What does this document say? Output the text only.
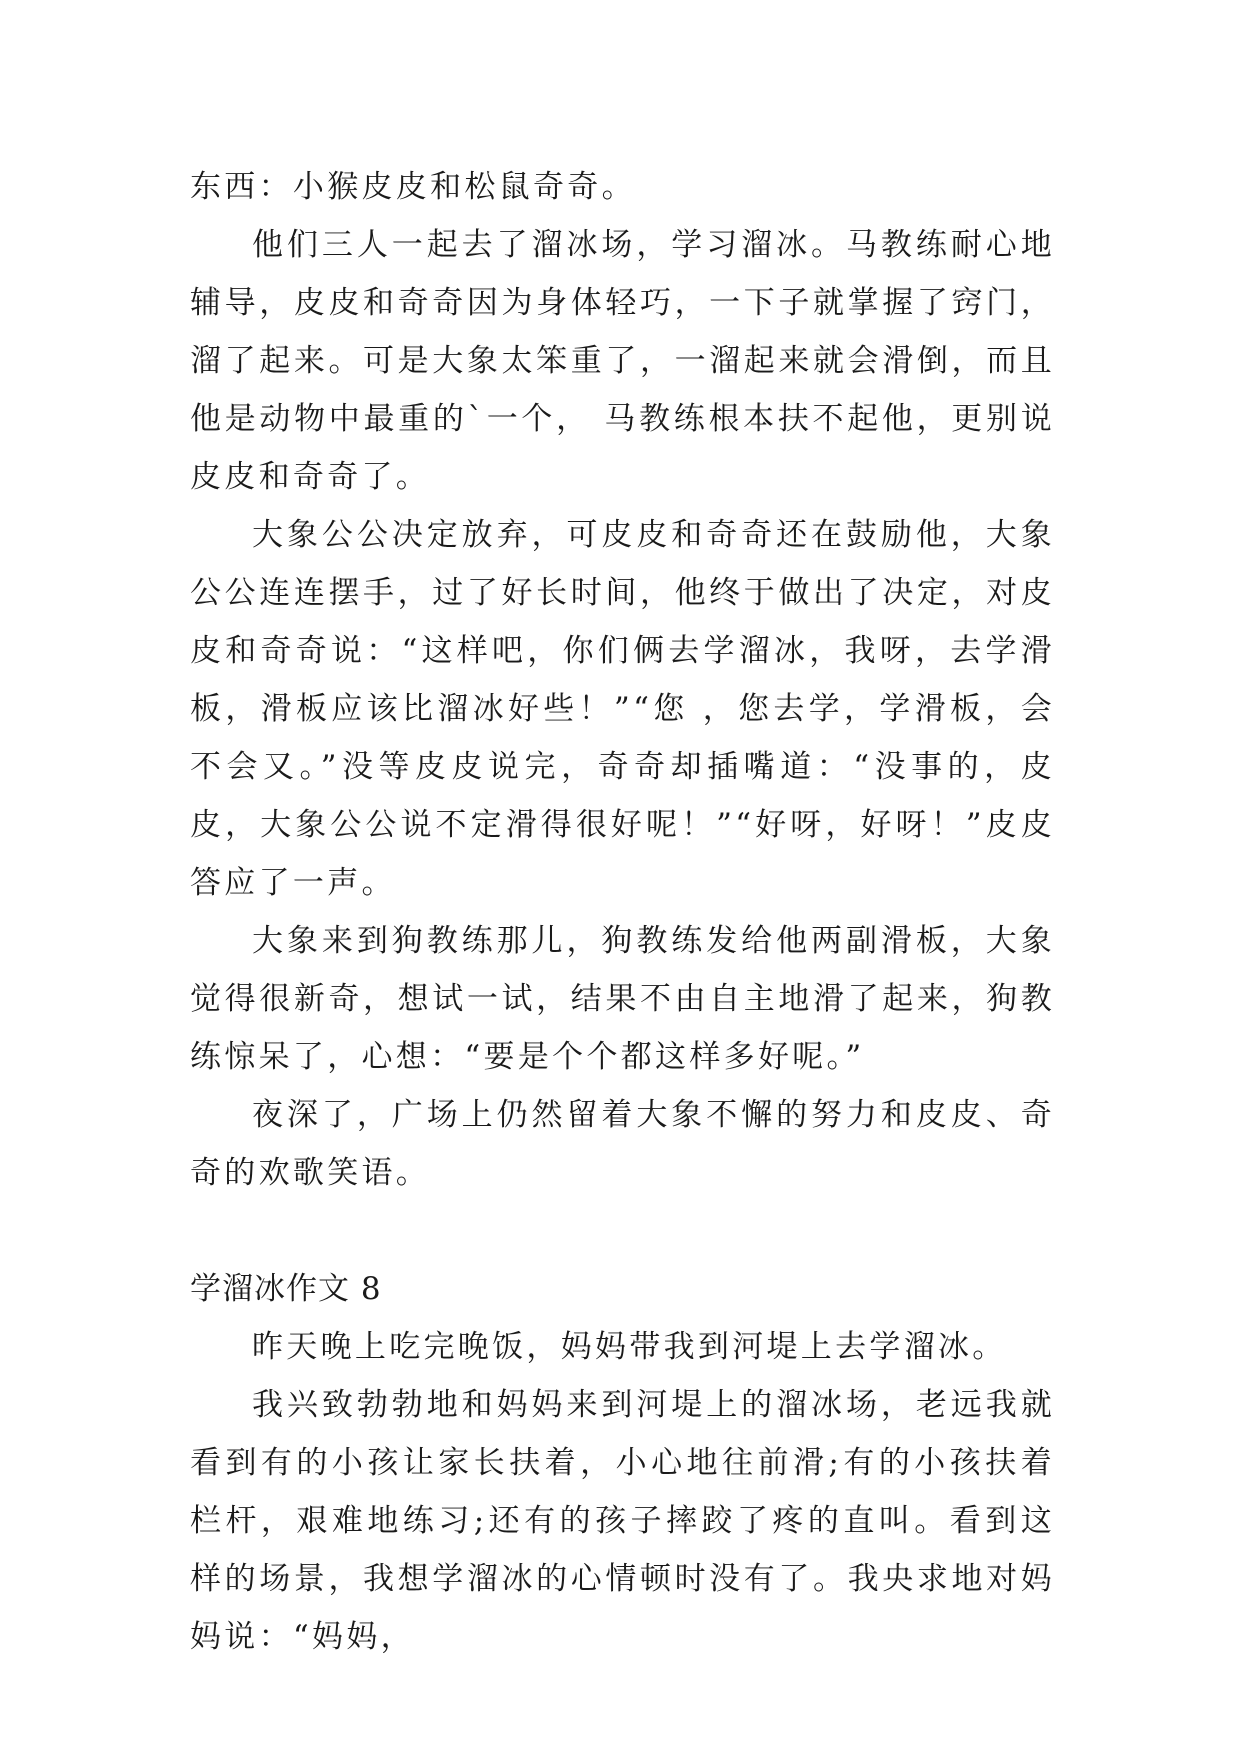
东西：小猴皮皮和松鼠奇奇。

他们三人一起去了溜冰场，学习溜冰。马教练耐心地辅导，皮皮和奇奇因为身体轻巧，一下子就掌握了窍门，溜了起来。可是大象太笨重了，一溜起来就会滑倒，而且他是动物中最重的`一个， 马教练根本扶不起他，更别说皮皮和奇奇了。

大象公公决定放弃，可皮皮和奇奇还在鼓励他，大象公公连连摆手，过了好长时间，他终于做出了决定，对皮皮和奇奇说：“这样吧，你们俩去学溜冰，我呀，去学滑板，滑板应该比溜冰好些！”“您 ，您去学，学滑板，会不会又。”没等皮皮说完，奇奇却插嘴道：“没事的，皮皮，大象公公说不定滑得很好呢！”“好呀，好呀！”皮皮答应了一声。

大象来到狗教练那儿，狗教练发给他两副滑板，大象觉得很新奇，想试一试，结果不由自主地滑了起来，狗教练惊呆了，心想：“要是个个都这样多好呢。”

夜深了，广场上仍然留着大象不懈的努力和皮皮、奇奇的欢歌笑语。

学溜冰作文 8

昨天晚上吃完晚饭，妈妈带我到河堤上去学溜冰。

我兴致勃勃地和妈妈来到河堤上的溜冰场，老远我就看到有的小孩让家长扶着，小心地往前滑;有的小孩扶着栏杆，艰难地练习;还有的孩子摔跤了疼的直叫。看到这样的场景，我想学溜冰的心情顿时没有了。我央求地对妈妈说：“妈妈，
